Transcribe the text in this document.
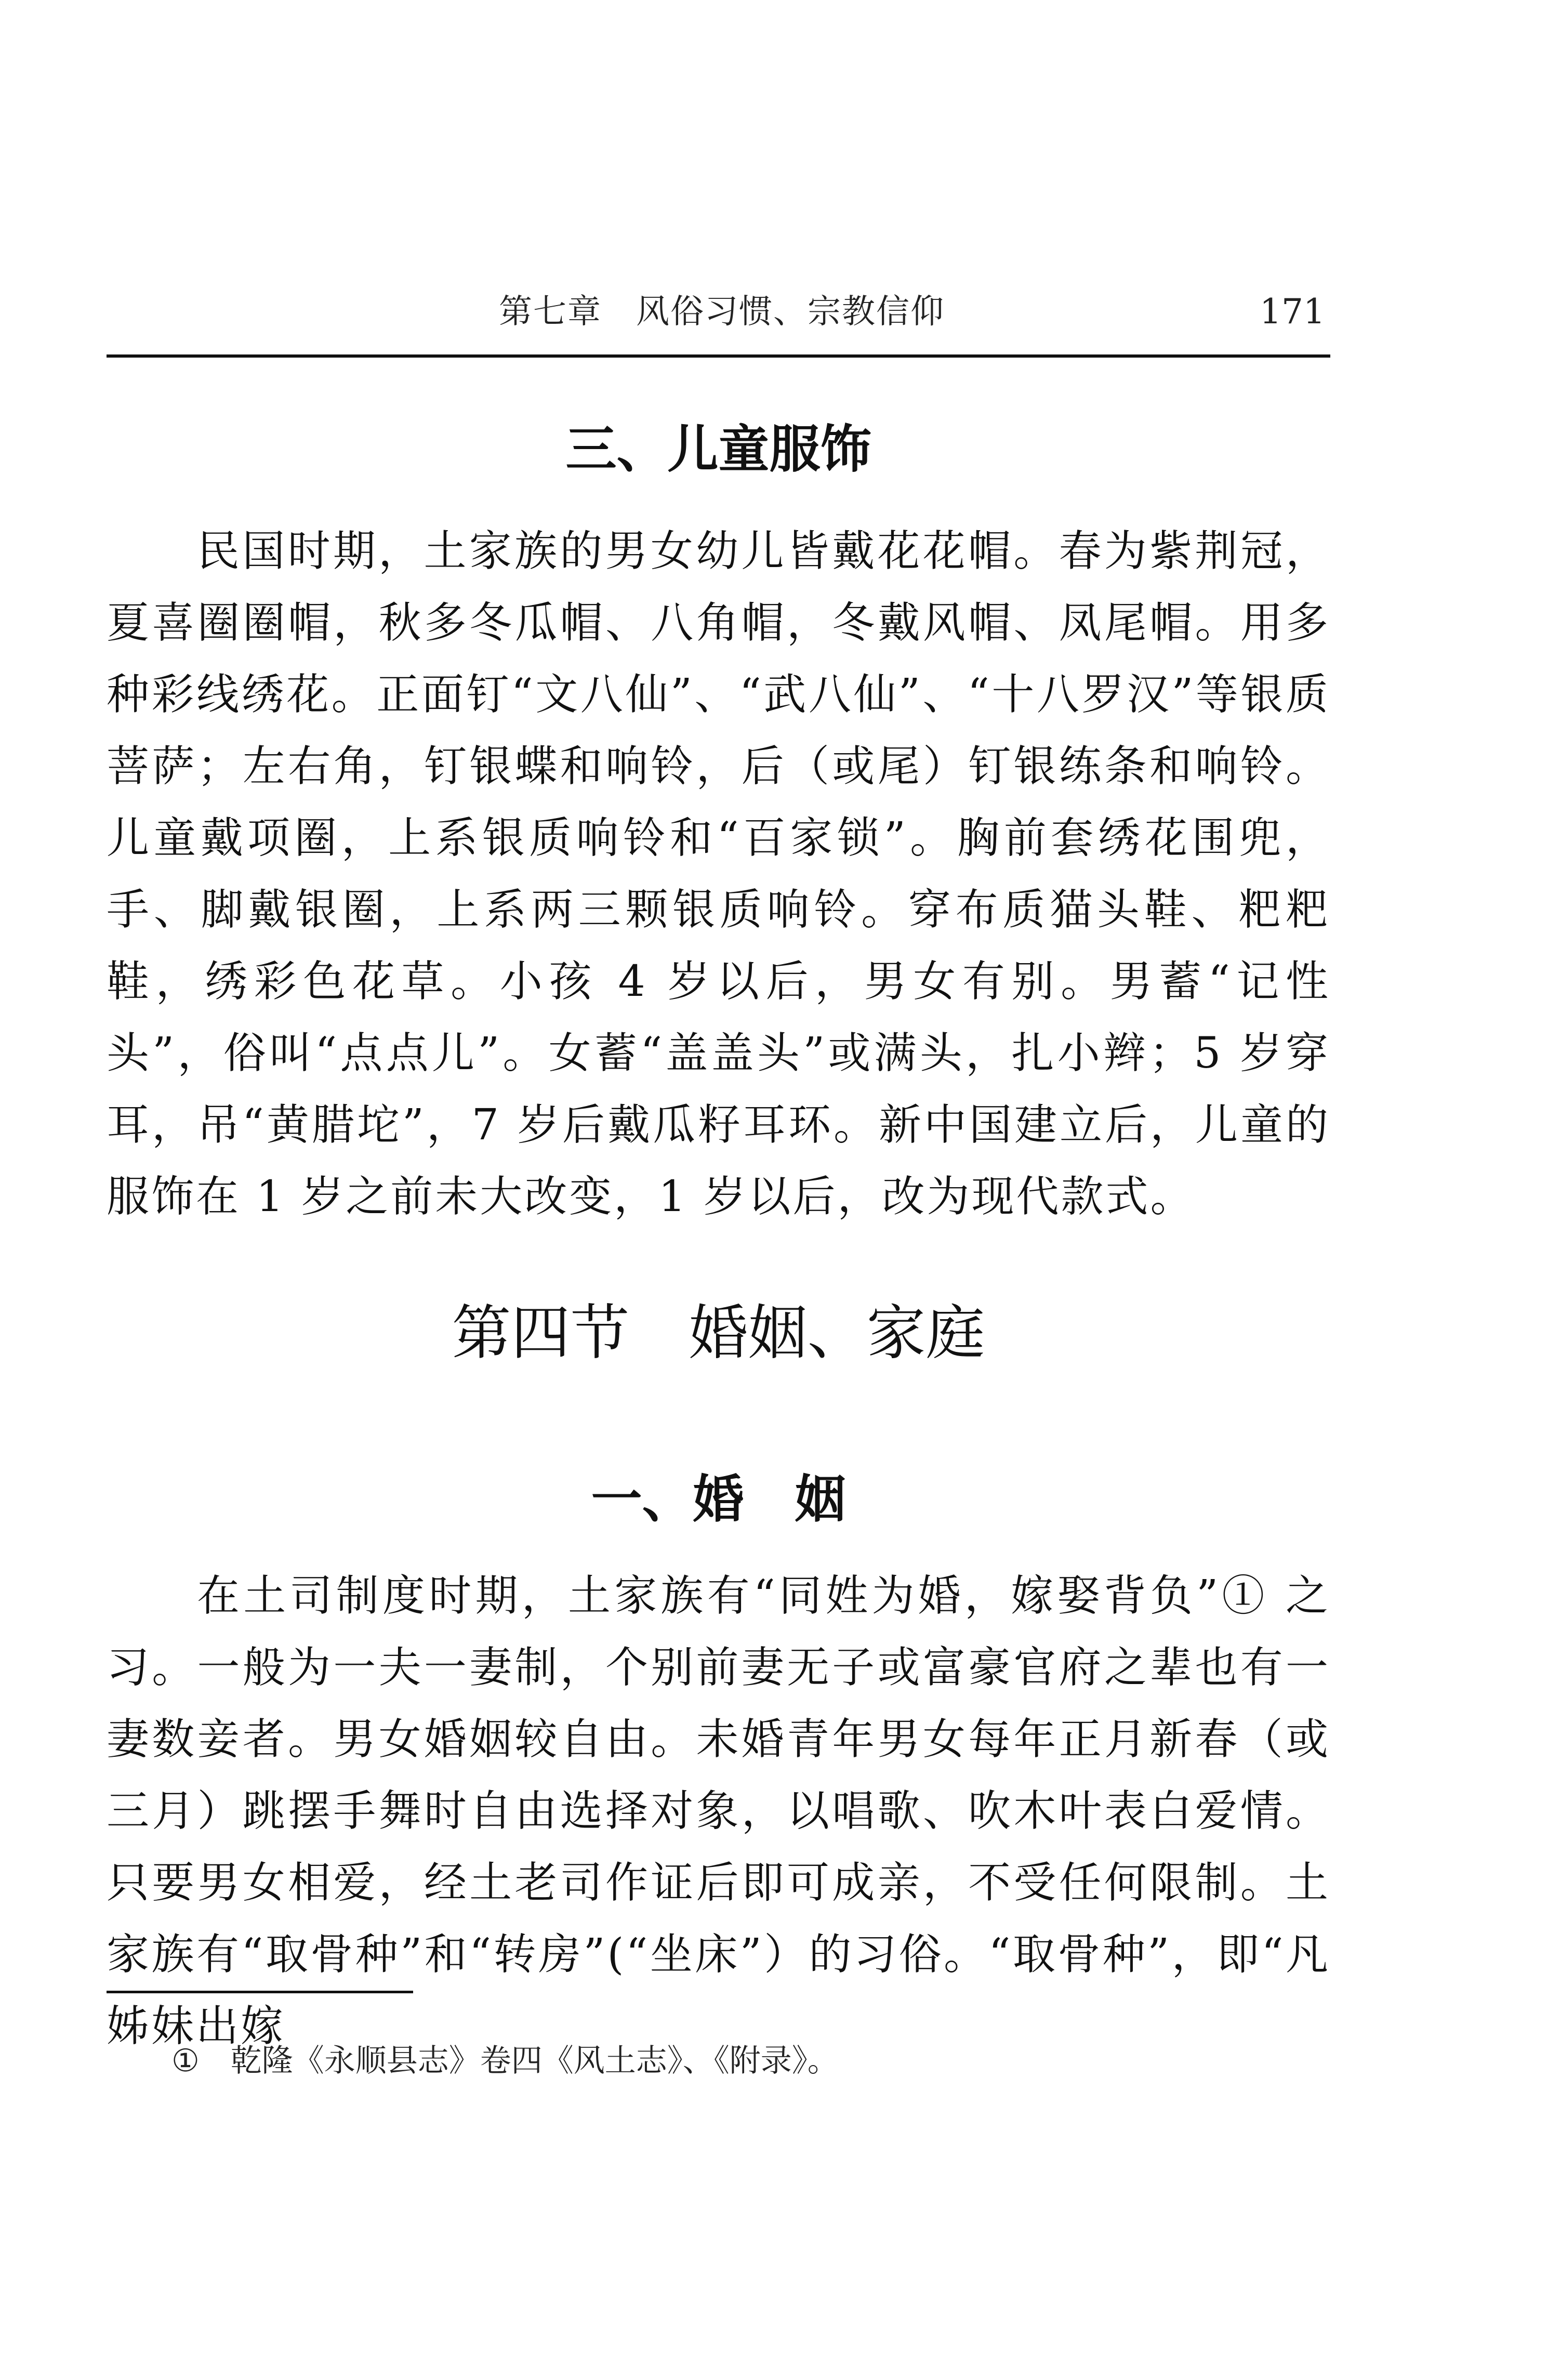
第七章　风俗习惯、宗教信仰	171
三、儿童服饰

民国时期，土家族的男女幼儿皆戴花花帽。春为紫荆冠，夏喜圈圈帽，秋多冬瓜帽、八角帽，冬戴风帽、凤尾帽。用多种彩线绣花。正面钉“文八仙”、“武八仙”、“十八罗汉”等银质菩萨；左右角，钉银蝶和响铃，后（或尾）钉银练条和响铃。儿童戴项圈，上系银质响铃和“百家锁”。胸前套绣花围兜，手、脚戴银圈，上系两三颗银质响铃。穿布质猫头鞋、粑粑鞋，绣彩色花草。小孩 4 岁以后，男女有别。男蓄“记性头”，俗叫“点点儿”。女蓄“盖盖头”或满头，扎小辫；5 岁穿耳，吊“黄腊坨”，7 岁后戴瓜籽耳环。新中国建立后，儿童的服饰在 1 岁之前未大改变，1 岁以后，改为现代款式。

第四节　婚姻、家庭
一、婚　姻

在土司制度时期，土家族有“同姓为婚，嫁娶背负”① 之习。一般为一夫一妻制，个别前妻无子或富豪官府之辈也有一妻数妾者。男女婚姻较自由。未婚青年男女每年正月新春（或三月）跳摆手舞时自由选择对象，以唱歌、吹木叶表白爱情。只要男女相爱，经土老司作证后即可成亲，不受任何限制。土家族有“取骨种”和“转房”(“坐床”）的习俗。“取骨种”，即“凡姊妹出嫁

① 乾隆《永顺县志》卷四《风土志》、《附录》。
